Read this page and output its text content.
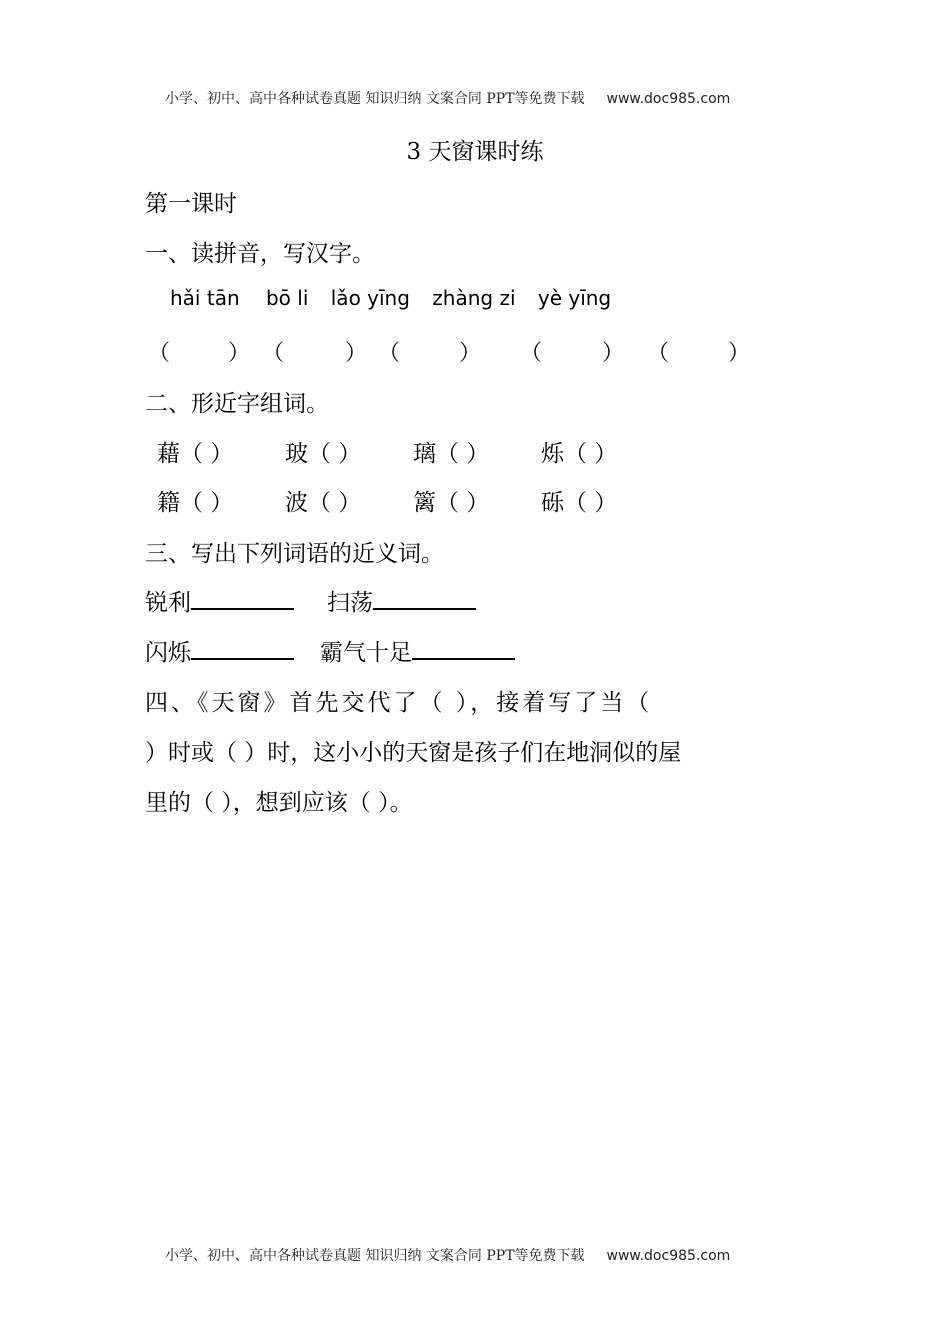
小学、初中、高中各种试卷真题 知识归纳 文案合同 PPT等免费下载 www.doc985.com
3 天窗课时练
第一课时
一、读拼音，写汉字。
hǎi tān bō li lǎo yīng zhàng zi yè yīng
（	） （	） （	） （	） （	）
二、形近字组词。
藉（ ） 玻（ ） 璃（ ） 烁（ ）
籍（ ） 波（ ） 篱（ ） 砾（ ）
三、写出下列词语的近义词。
锐利	扫荡
闪烁	霸气十足
四、《天窗》首先交代了（ ），接着写了当（
）时或（ ）时，这小小的天窗是孩子们在地洞似的屋
里的（ ），想到应该（ ）。
小学、初中、高中各种试卷真题 知识归纳 文案合同 PPT等免费下载 www.doc985.com
